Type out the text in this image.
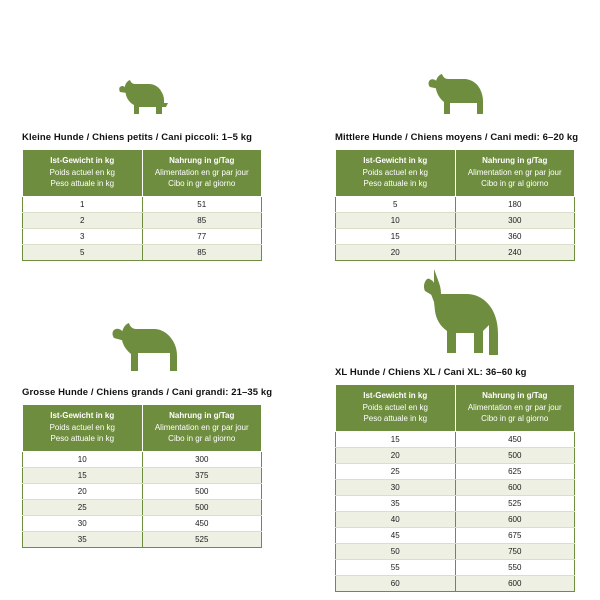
Kleine Hunde / Chiens petits / Cani piccoli: 1–5 kg
Ist-Gewicht in kg
Poids actuel en kg
Peso attuale in kg	Nahrung in g/Tag
Alimentation en gr par jour
Cibo in gr al giorno

1	51
2	85
3	77
5	85
Mittlere Hunde / Chiens moyens / Cani medi: 6–20 kg
Ist-Gewicht in kg
Poids actuel en kg
Peso attuale in kg	Nahrung in g/Tag
Alimentation en gr par jour
Cibo in gr al giorno

5	180
10	300
15	360
20	240
Grosse Hunde / Chiens grands / Cani grandi: 21–35 kg
Ist-Gewicht in kg
Poids actuel en kg
Peso attuale in kg	Nahrung in g/Tag
Alimentation en gr par jour
Cibo in gr al giorno

10	300
15	375
20	500
25	500
30	450
35	525
XL Hunde / Chiens XL / Cani XL: 36–60 kg
Ist-Gewicht in kg
Poids actuel en kg
Peso attuale in kg	Nahrung in g/Tag
Alimentation en gr par jour
Cibo in gr al giorno

15	450
20	500
25	625
30	600
35	525
40	600
45	675
50	750
55	550
60	600
